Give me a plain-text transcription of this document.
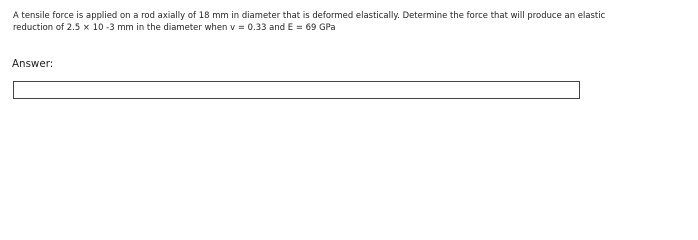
A tensile force is applied on a rod axially of 18 mm in diameter that is deformed elastically. Determine the force that will produce an elastic
reduction of 2.5 × 10 -3 mm in the diameter when v = 0.33 and E = 69 GPa
Answer:
